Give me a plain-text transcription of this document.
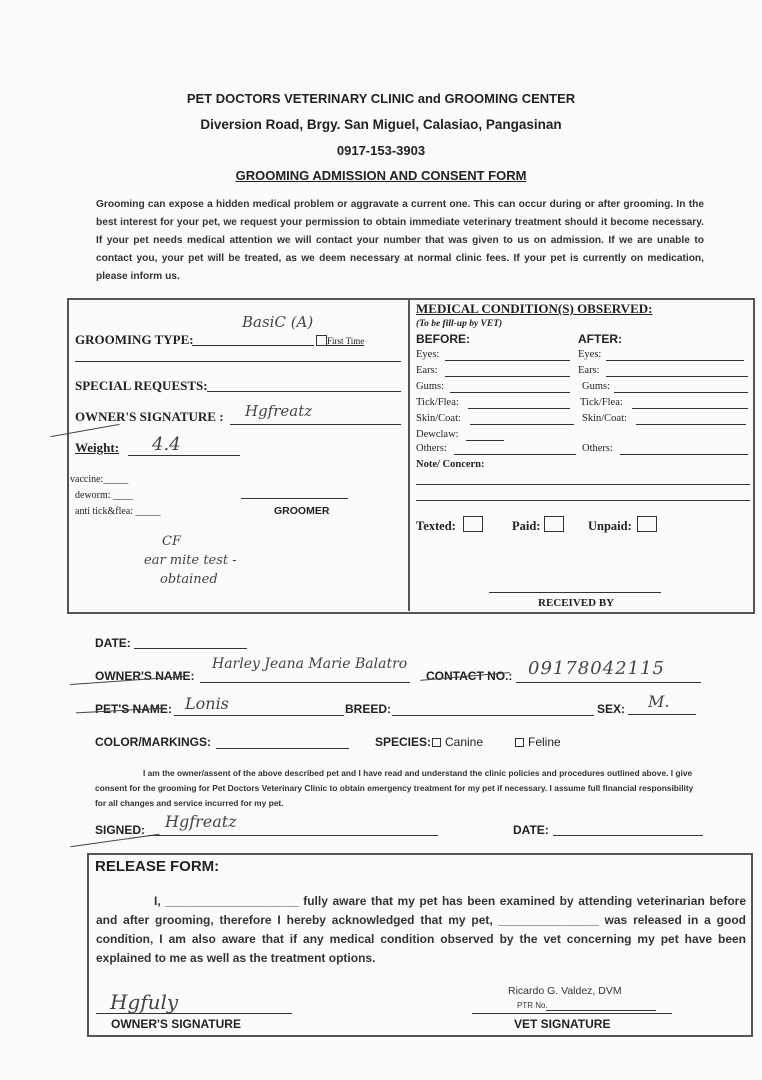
PET DOCTORS VETERINARY CLINIC and GROOMING CENTER
Diversion Road, Brgy. San Miguel, Calasiao, Pangasinan
0917-153-3903
GROOMING ADMISSION AND CONSENT FORM
Grooming can expose a hidden medical problem or aggravate a current one. This can occur during or after grooming. In the best interest for your pet, we request your permission to obtain immediate veterinary treatment should it become necessary. If your pet needs medical attention we will contact your number that was given to us on admission. If we are unable to contact you, your pet will be treated, as we deem necessary at normal clinic fees. If your pet is currently on medication, please inform us.
GROOMING TYPE:
BasiC (A)
First Time
SPECIAL REQUESTS:
OWNER'S SIGNATURE : Hgfreatz
Weight: 4.4
vaccine:_____
deworm: ____
anti tick&flea: _____	GROOMER
CF
ear mite test -
obtained
MEDICAL CONDITION(S) OBSERVED:
(To be fill-up by VET)
BEFORE:	AFTER:
Eyes:	Eyes:
Ears:	Ears:
Gums:	Gums:
Tick/Flea:	Tick/Flea:
Skin/Coat:	Skin/Coat:
Dewclaw:
Others:	Others:
Note/ Concern:
Texted:	Paid:	Unpaid:
RECEIVED BY
DATE:
OWNER'S NAME:
Harley Jeana Marie Balatro
CONTACT NO.: 09178042115
PET'S NAME: Lonis	BREED:	SEX: M.
COLOR/MARKINGS:	SPECIES:	Canine	Feline
I am the owner/assent of the above described pet and I have read and understand the clinic policies and procedures outlined above. I give consent for the grooming for Pet Doctors Veterinary Clinic to obtain emergency treatment for my pet if necessary. I assume full financial responsibility for all changes and service incurred for my pet.
SIGNED: Hgfreatz	DATE:
RELEASE FORM:
I, ____________________ fully aware that my pet has been examined by attending veterinarian before and after grooming, therefore I hereby acknowledged that my pet, _______________ was released in a good condition, I am also aware that if any medical condition observed by the vet concerning my pet have been explained to me as well as the treatment options.
Hgfuly
OWNER'S SIGNATURE
Ricardo G. Valdez, DVM
PTR No.
VET SIGNATURE
